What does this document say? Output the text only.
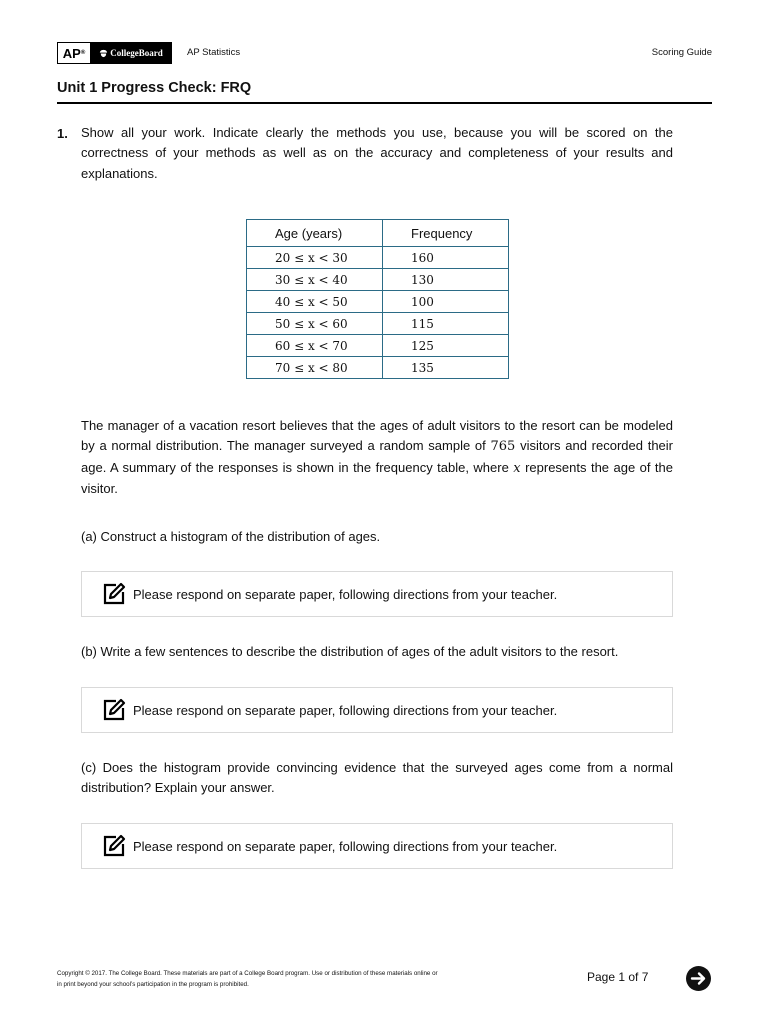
AP ®	CollegeBoard	AP Statistics	Scoring Guide
Unit 1 Progress Check: FRQ
1. Show all your work. Indicate clearly the methods you use, because you will be scored on the correctness of your methods as well as on the accuracy and completeness of your results and explanations.
Age (years)	Frequency
20 ≤ x < 30	160
30 ≤ x < 40	130
40 ≤ x < 50	100
50 ≤ x < 60	115
60 ≤ x < 70	125
70 ≤ x < 80	135
The manager of a vacation resort believes that the ages of adult visitors to the resort can be modeled by a normal distribution. The manager surveyed a random sample of 765 visitors and recorded their age. A summary of the responses is shown in the frequency table, where x represents the age of the visitor.
(a) Construct a histogram of the distribution of ages.
Please respond on separate paper, following directions from your teacher.
(b) Write a few sentences to describe the distribution of ages of the adult visitors to the resort.
Please respond on separate paper, following directions from your teacher.
(c) Does the histogram provide convincing evidence that the surveyed ages come from a normal distribution? Explain your answer.
Please respond on separate paper, following directions from your teacher.
Copyright © 2017. The College Board. These materials are part of a College Board program. Use or distribution of these materials online or
in print beyond your school’s participation in the program is prohibited.
Page 1 of 7
